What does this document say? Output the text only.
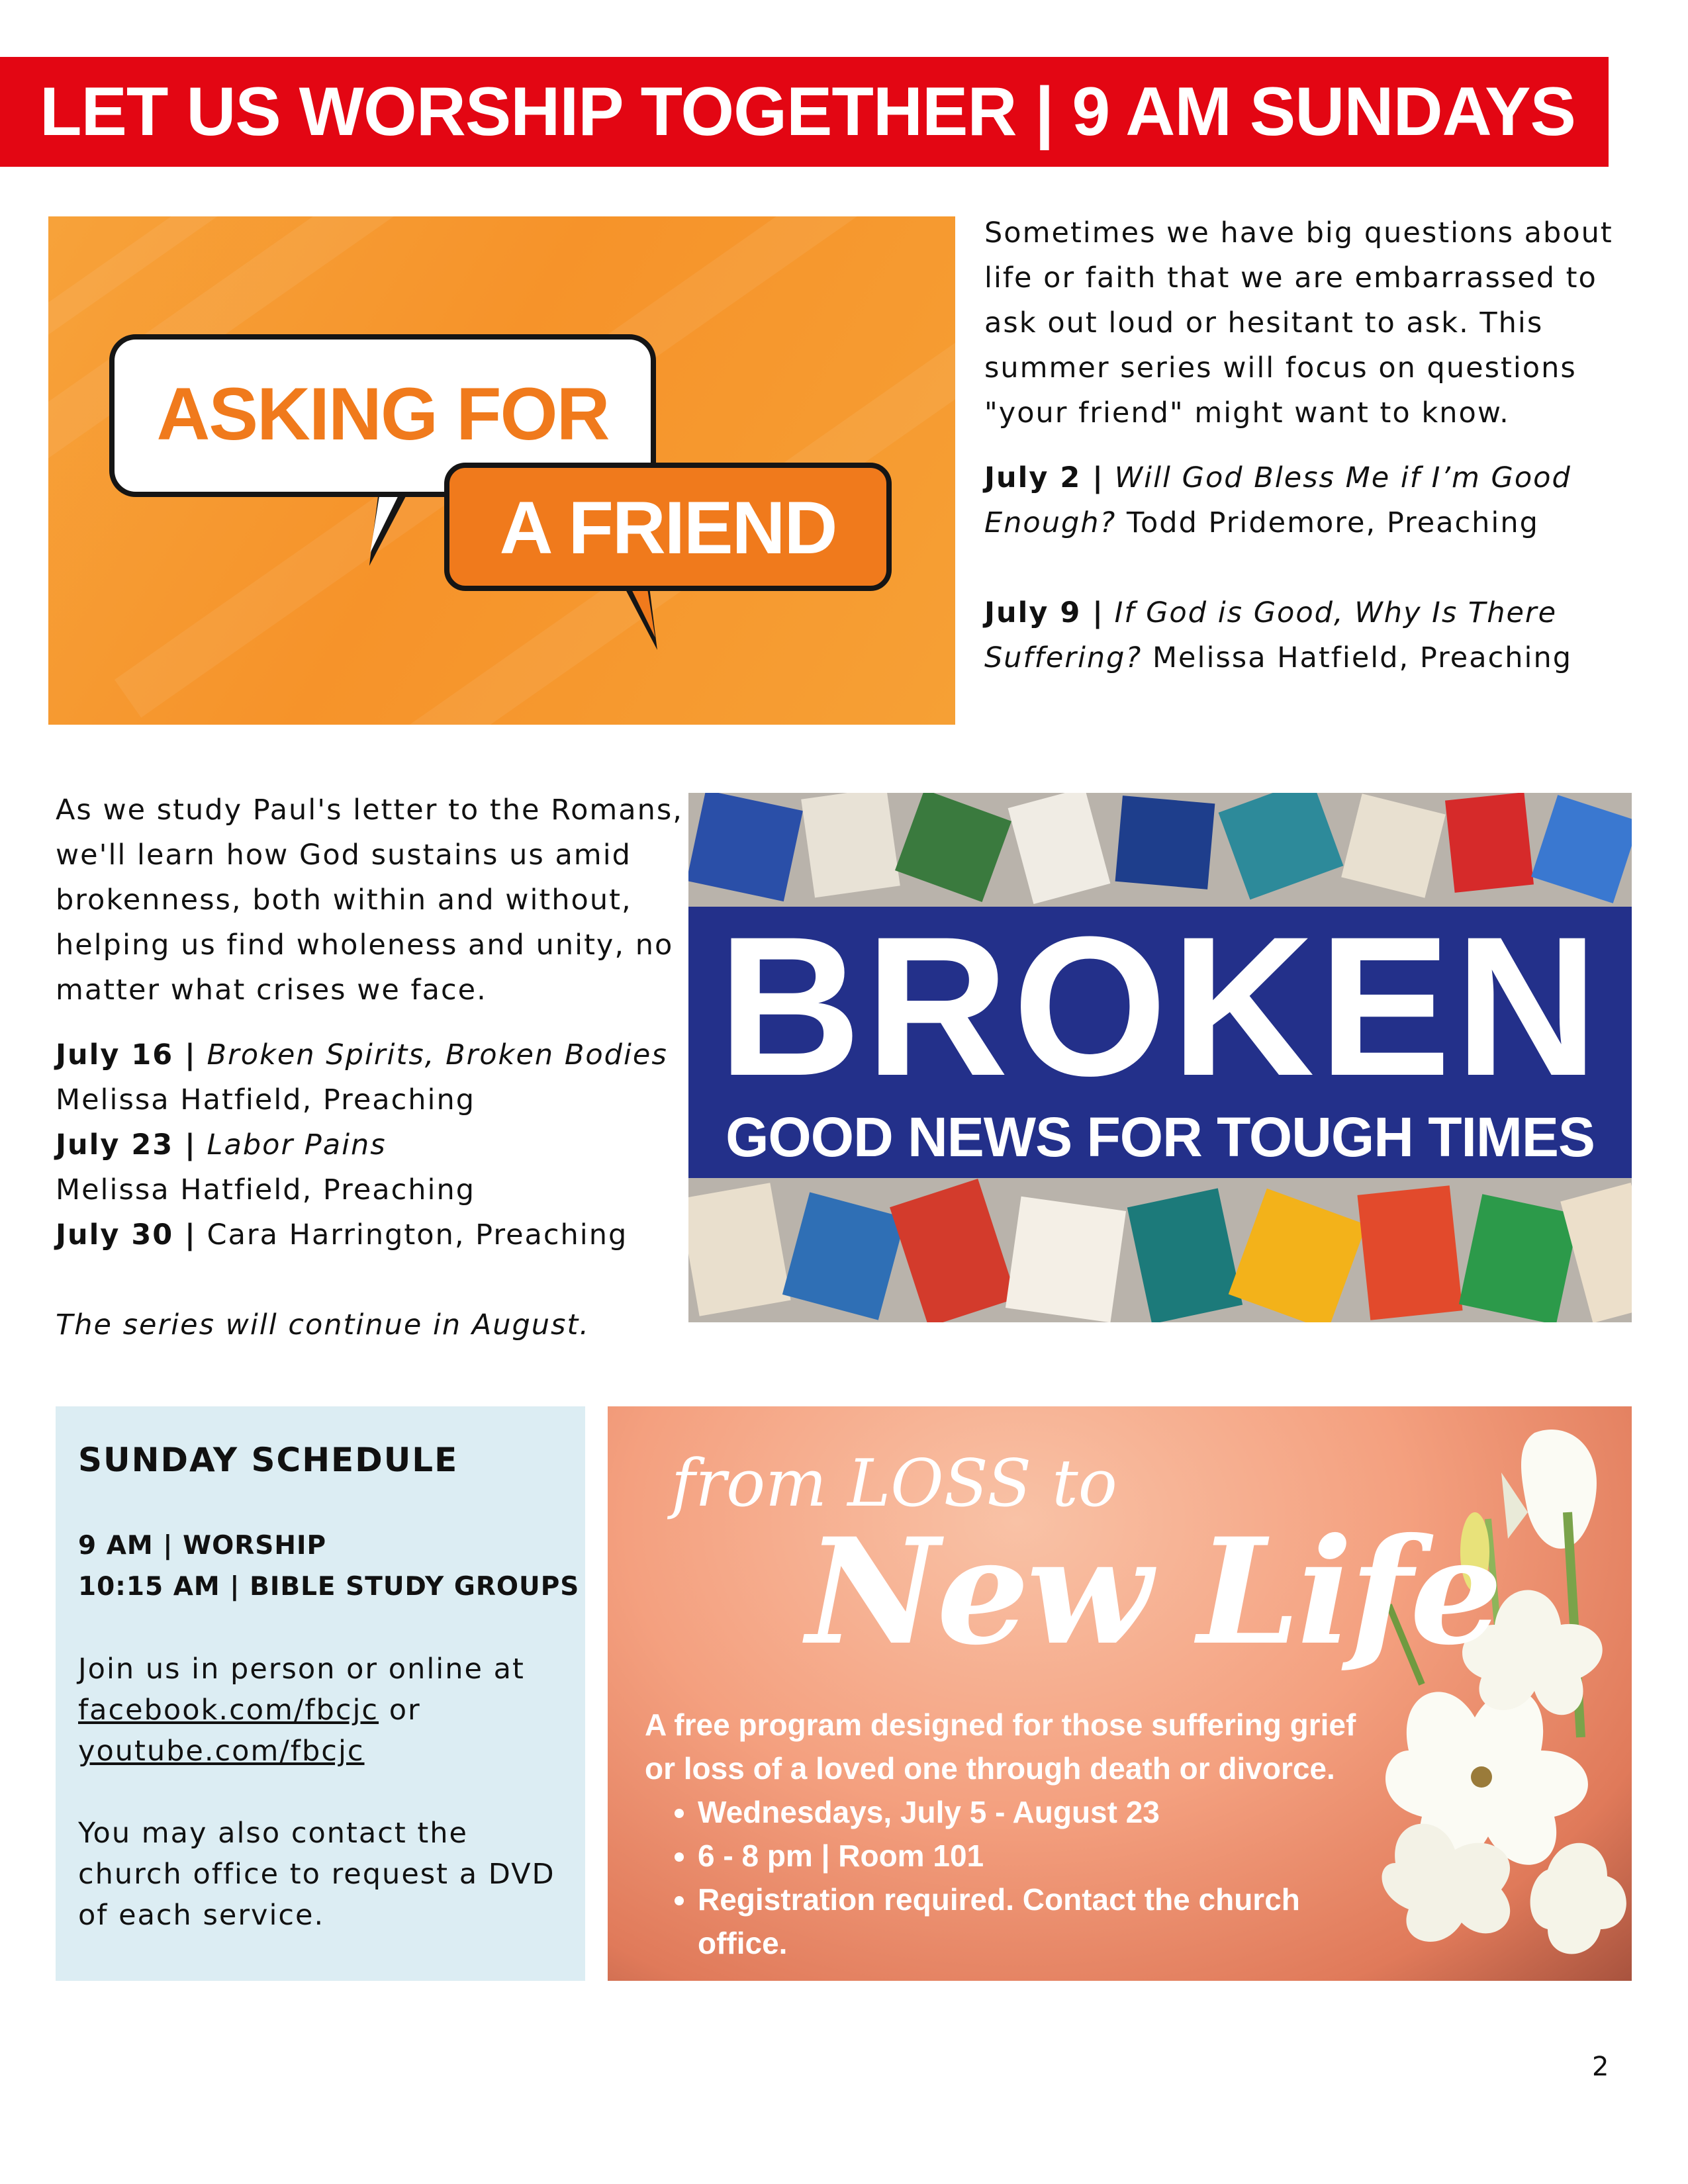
LET US WORSHIP TOGETHER | 9 AM SUNDAYS
ASKING FOR
A FRIEND

Sometimes we have big questions about life or faith that we are embarrassed to ask out loud or hesitant to ask. This summer series will focus on questions "your friend" might want to know.

July 2 | Will God Bless Me if I’m Good Enough? Todd Pridemore, Preaching

July 9 | If God is Good, Why Is There Suffering? Melissa Hatfield, Preaching

As we study Paul's letter to the Romans, we'll learn how God sustains us amid brokenness, both within and without, helping us find wholeness and unity, no matter what crises we face.

July 16 | Broken Spirits, Broken Bodies
Melissa Hatfield, Preaching

July 23 | Labor Pains
Melissa Hatfield, Preaching

July 30 | Cara Harrington, Preaching

The series will continue in August.

BROKEN
GOOD NEWS FOR TOUGH TIMES
SUNDAY SCHEDULE
9 AM | WORSHIP
10:15 AM | BIBLE STUDY GROUPS
Join us in person or online at
facebook.com/fbcjc or
youtube.com/fbcjc
You may also contact the church office to request a DVD of each service.
from LOSS to
New Life
A free program designed for those suffering grief or loss of a loved one through death or divorce.
• Wednesdays, July 5 - August 23
• 6 - 8 pm | Room 101
• Registration required. Contact the church office.
2
